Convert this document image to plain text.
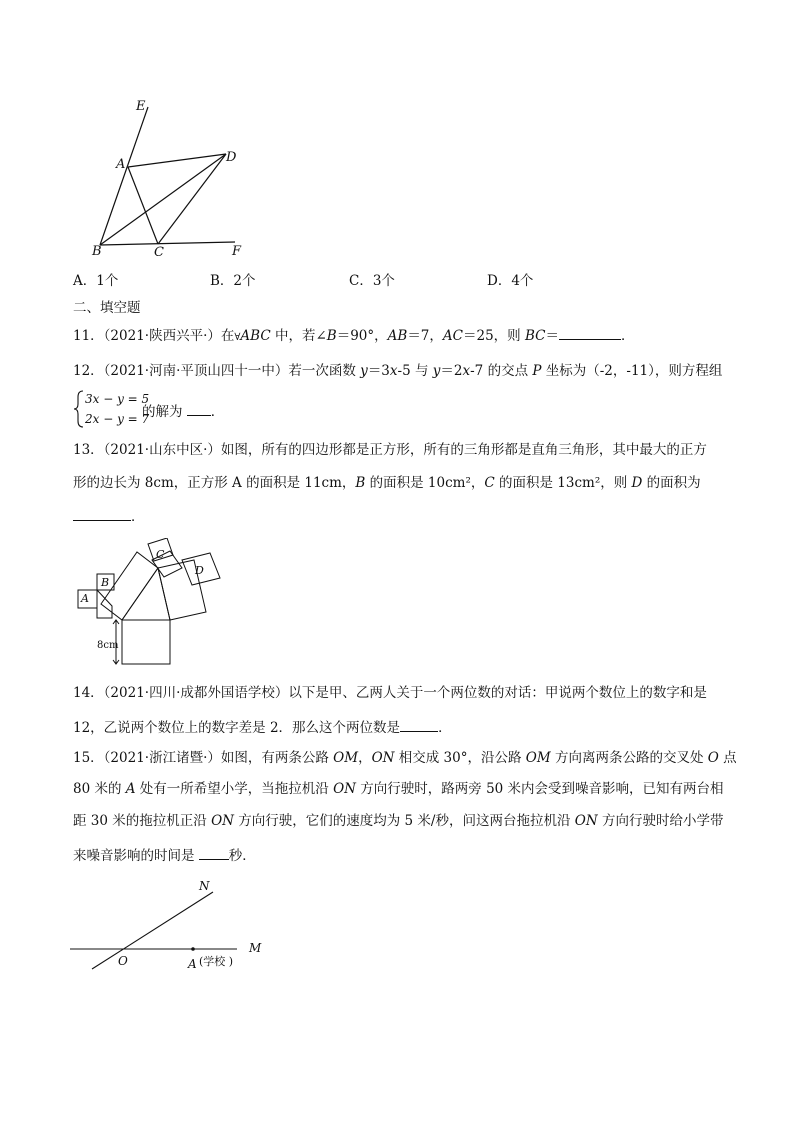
E
A	D
B	C	F
A．1个	B．2个	C．3个	D．4个
二、填空题
11．（2021·陕西兴平·）在∀ABC 中，若∠B＝90°，AB＝7，AC＝25，则 BC＝	．
12．（2021·河南·平顶山四十一中）若一次函数 y＝3x-5 与 y＝2x-7 的交点 P 坐标为（-2，-11），则方程组
3x − y = 5
2x − y = 7
的解为 ．
13．（2021·山东中区·）如图，所有的四边形都是正方形，所有的三角形都是直角三角形，其中最大的正方
形的边长为 8cm，正方形 A 的面积是 11cm，B 的面积是 10cm²，C 的面积是 13cm²，则 D 的面积为
．
A
B
C
D
8cm
14．（2021·四川·成都外国语学校）以下是甲、乙两人关于一个两位数的对话：甲说两个数位上的数字和是
12，乙说两个数位上的数字差是 2．那么这个两位数是	．
15．（2021·浙江诸暨·）如图，有两条公路 OM，ON 相交成 30°，沿公路 OM 方向离两条公路的交叉处 O 点
80 米的 A 处有一所希望小学，当拖拉机沿 ON 方向行驶时，路两旁 50 米内会受到噪音影响，已知有两台相
距 30 米的拖拉机正沿 ON 方向行驶，它们的速度均为 5 米/秒，问这两台拖拉机沿 ON 方向行驶时给小学带
来噪音影响的时间是 秒．
N
M
O	A (学校 )
